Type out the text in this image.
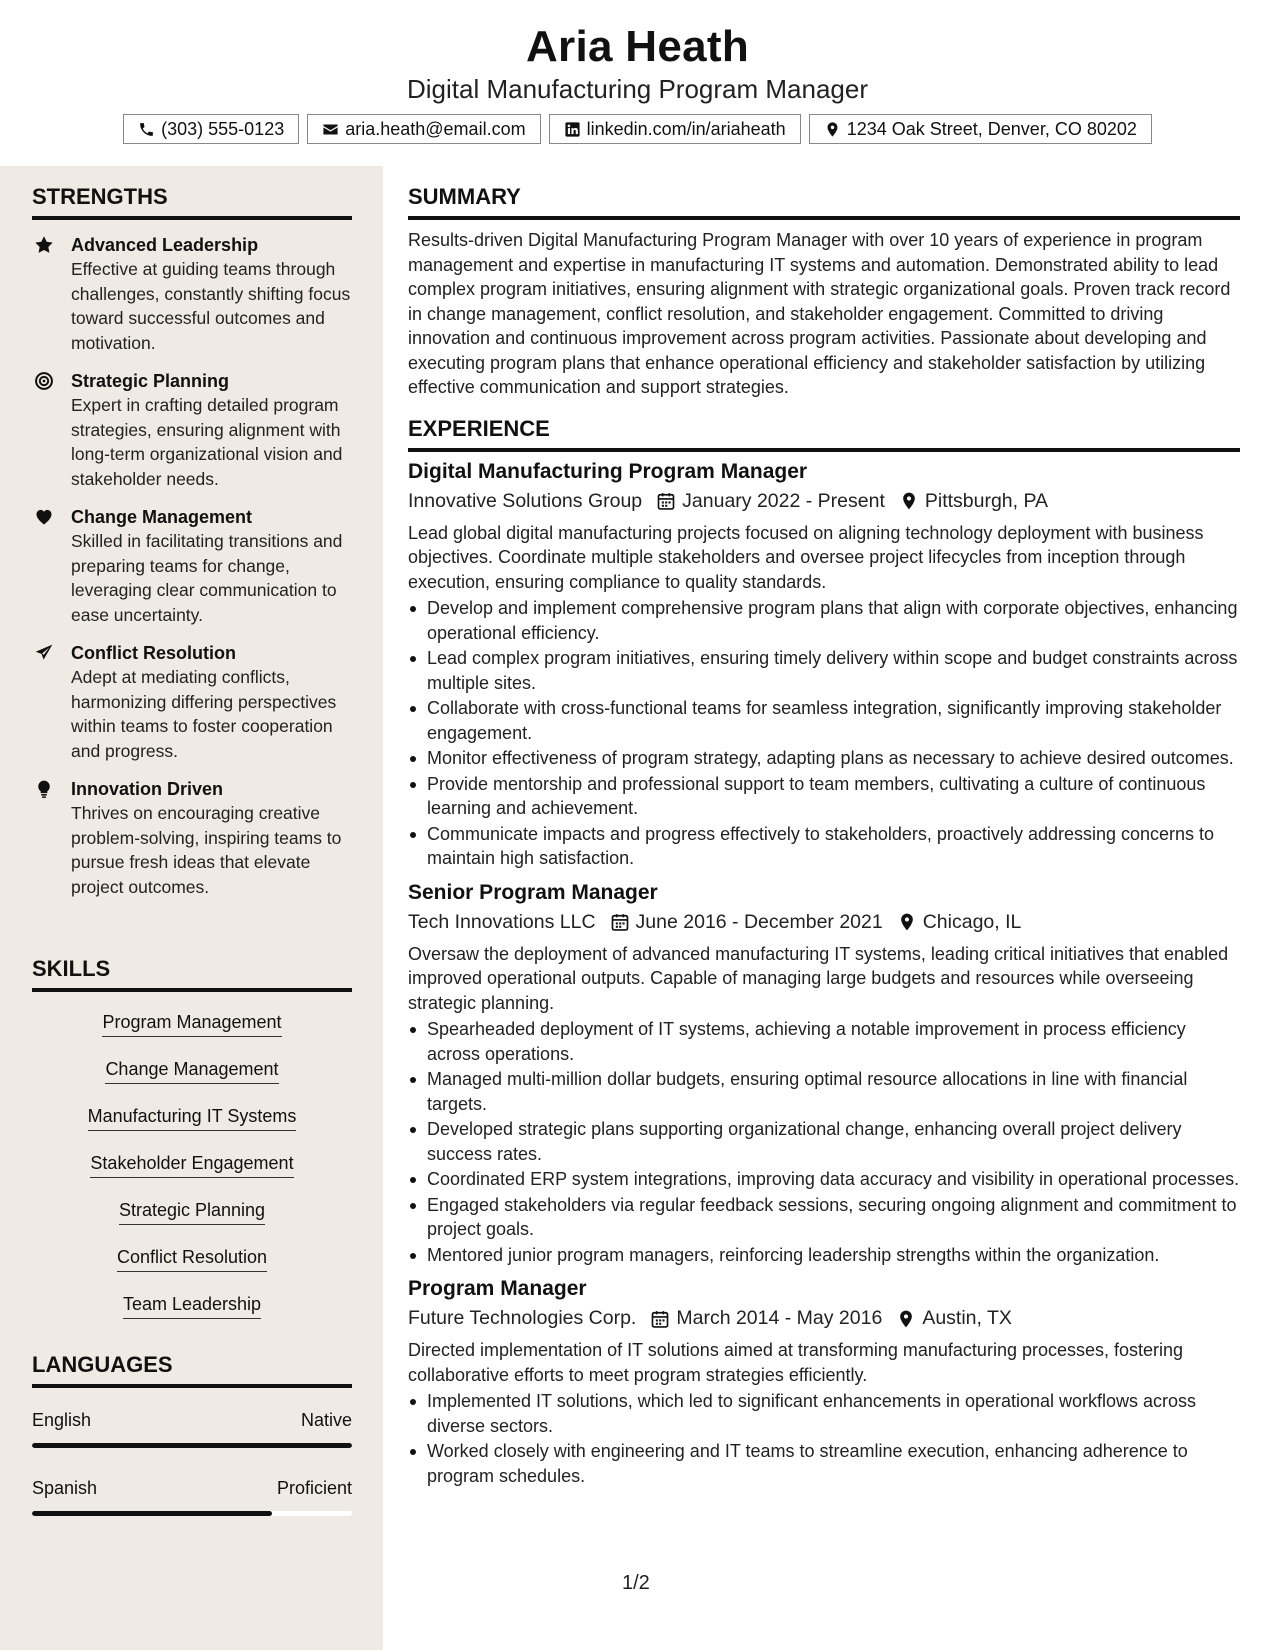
Aria Heath
Digital Manufacturing Program Manager
(303) 555-0123	aria.heath@email.com	linkedin.com/in/ariaheath	1234 Oak Street, Denver, CO 80202
STRENGTHS
Advanced Leadership
Effective at guiding teams through challenges, constantly shifting focus toward successful outcomes and motivation.
Strategic Planning
Expert in crafting detailed program strategies, ensuring alignment with long-term organizational vision and stakeholder needs.
Change Management
Skilled in facilitating transitions and preparing teams for change, leveraging clear communication to ease uncertainty.
Conflict Resolution
Adept at mediating conflicts, harmonizing differing perspectives within teams to foster cooperation and progress.
Innovation Driven
Thrives on encouraging creative problem-solving, inspiring teams to pursue fresh ideas that elevate project outcomes.
SKILLS
Program Management
Change Management
Manufacturing IT Systems
Stakeholder Engagement
Strategic Planning
Conflict Resolution
Team Leadership
LANGUAGES
English	Native
Spanish	Proficient
SUMMARY
Results-driven Digital Manufacturing Program Manager with over 10 years of experience in program management and expertise in manufacturing IT systems and automation. Demonstrated ability to lead complex program initiatives, ensuring alignment with strategic organizational goals. Proven track record in change management, conflict resolution, and stakeholder engagement. Committed to driving innovation and continuous improvement across program activities. Passionate about developing and executing program plans that enhance operational efficiency and stakeholder satisfaction by utilizing effective communication and support strategies.
EXPERIENCE
Digital Manufacturing Program Manager
Innovative Solutions Group January 2022 - Present Pittsburgh, PA
Lead global digital manufacturing projects focused on aligning technology deployment with business objectives. Coordinate multiple stakeholders and oversee project lifecycles from inception through execution, ensuring compliance to quality standards.
Develop and implement comprehensive program plans that align with corporate objectives, enhancing operational efficiency.
Lead complex program initiatives, ensuring timely delivery within scope and budget constraints across multiple sites.
Collaborate with cross-functional teams for seamless integration, significantly improving stakeholder engagement.
Monitor effectiveness of program strategy, adapting plans as necessary to achieve desired outcomes.
Provide mentorship and professional support to team members, cultivating a culture of continuous learning and achievement.
Communicate impacts and progress effectively to stakeholders, proactively addressing concerns to maintain high satisfaction.
Senior Program Manager
Tech Innovations LLC June 2016 - December 2021 Chicago, IL
Oversaw the deployment of advanced manufacturing IT systems, leading critical initiatives that enabled improved operational outputs. Capable of managing large budgets and resources while overseeing strategic planning.
Spearheaded deployment of IT systems, achieving a notable improvement in process efficiency across operations.
Managed multi-million dollar budgets, ensuring optimal resource allocations in line with financial targets.
Developed strategic plans supporting organizational change, enhancing overall project delivery success rates.
Coordinated ERP system integrations, improving data accuracy and visibility in operational processes.
Engaged stakeholders via regular feedback sessions, securing ongoing alignment and commitment to project goals.
Mentored junior program managers, reinforcing leadership strengths within the organization.
Program Manager
Future Technologies Corp. March 2014 - May 2016 Austin, TX
Directed implementation of IT solutions aimed at transforming manufacturing processes, fostering collaborative efforts to meet program strategies efficiently.
Implemented IT solutions, which led to significant enhancements in operational workflows across diverse sectors.
Worked closely with engineering and IT teams to streamline execution, enhancing adherence to program schedules.
1/2
